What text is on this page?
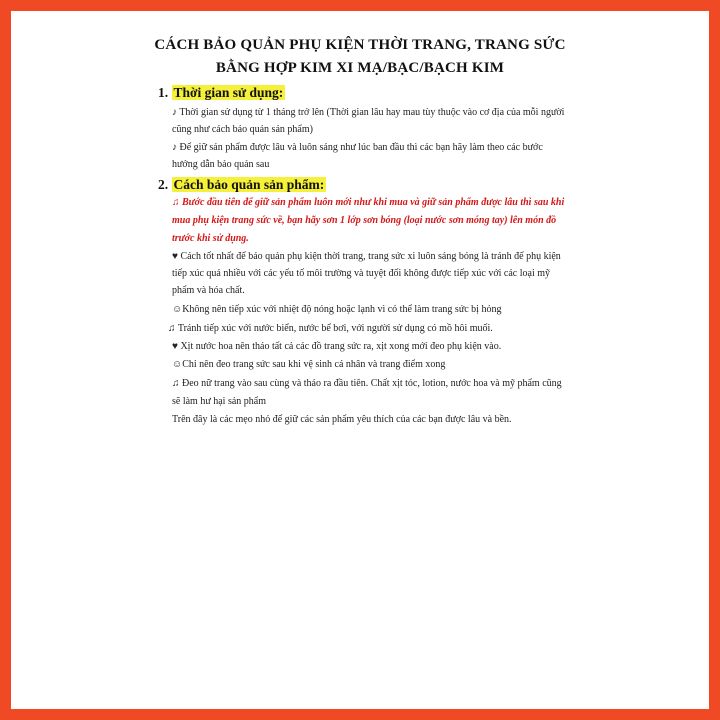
CÁCH BẢO QUẢN PHỤ KIỆN THỜI TRANG, TRANG SỨC
BẰNG HỢP KIM XI MẠ/BẠC/BẠCH KIM
1. Thời gian sử dụng:
♪ Thời gian sử dụng từ 1 tháng trở lên (Thời gian lâu hay mau tùy thuộc vào cơ địa của mỗi người
cũng như cách bảo quản sản phẩm)
♪ Để giữ sản phẩm được lâu và luôn sáng như lúc ban đầu thì các bạn hãy làm theo các bước
hướng dẫn bảo quản sau
2. Cách bảo quản sản phẩm:
♫ Bước đầu tiên để giữ sản phẩm luôn mới như khi mua và giữ sản phẩm được lâu thì sau khi
mua phụ kiện trang sức về, bạn hãy sơn 1 lớp sơn bóng (loại nước sơn móng tay) lên món đồ
trước khi sử dụng.
♥ Cách tốt nhất để bảo quản phụ kiện thời trang, trang sức xi luôn sáng bóng là tránh để phụ kiện
tiếp xúc quá nhiều với các yếu tố môi trường và tuyệt đối không được tiếp xúc với các loại mỹ
phẩm và hóa chất.
☺Không nên tiếp xúc với nhiệt độ nóng hoặc lạnh vì có thể làm trang sức bị hỏng
♫ Tránh tiếp xúc với nước biển, nước bể bơi, với người sử dụng có mồ hôi muối.
♥ Xịt nước hoa nên tháo tất cả các đồ trang sức ra, xịt xong mới đeo phụ kiện vào.
☺Chỉ nên đeo trang sức sau khi vệ sinh cá nhân và trang điểm xong
♫ Đeo nữ trang vào sau cùng và tháo ra đầu tiên. Chất xịt tóc, lotion, nước hoa và mỹ phẩm cũng
sẽ làm hư hại sản phẩm
Trên đây là các mẹo nhỏ để giữ các sản phẩm yêu thích của các bạn được lâu và bền.
